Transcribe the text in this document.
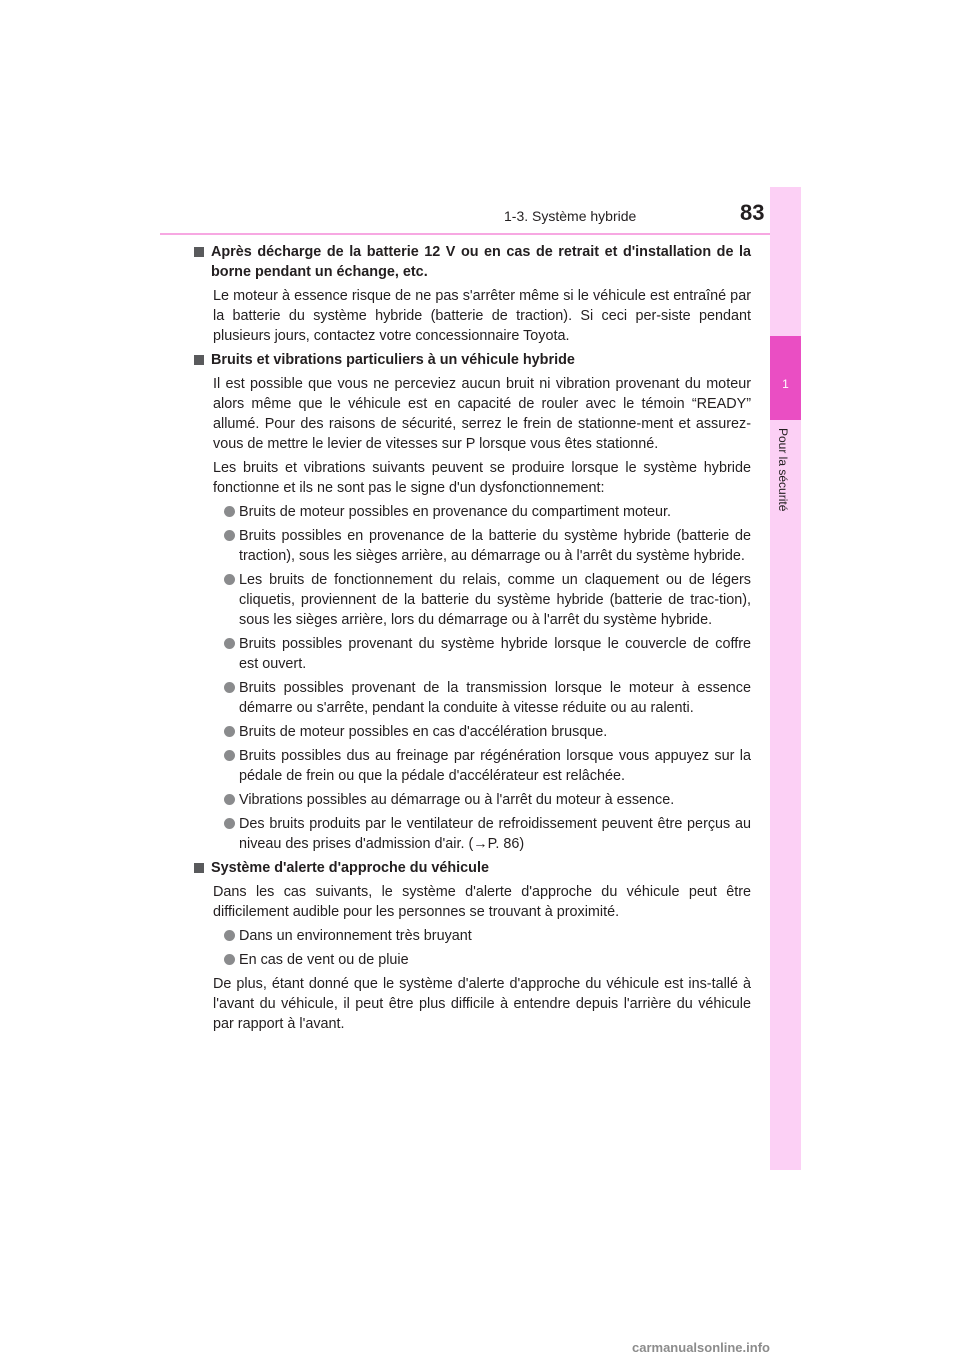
1-3. Système hybride	83
1
Pour la sécurité
Après décharge de la batterie 12 V ou en cas de retrait et d'installation de la borne pendant un échange, etc.

Le moteur à essence risque de ne pas s'arrêter même si le véhicule est entraîné par la batterie du système hybride (batterie de traction). Si ceci per-siste pendant plusieurs jours, contactez votre concessionnaire Toyota.

Bruits et vibrations particuliers à un véhicule hybride

Il est possible que vous ne perceviez aucun bruit ni vibration provenant du moteur alors même que le véhicule est en capacité de rouler avec le témoin “READY” allumé. Pour des raisons de sécurité, serrez le frein de stationne-ment et assurez-vous de mettre le levier de vitesses sur P lorsque vous êtes stationné.

Les bruits et vibrations suivants peuvent se produire lorsque le système hybride fonctionne et ils ne sont pas le signe d'un dysfonctionnement:

Bruits de moteur possibles en provenance du compartiment moteur.
Bruits possibles en provenance de la batterie du système hybride (batterie de traction), sous les sièges arrière, au démarrage ou à l'arrêt du système hybride.
Les bruits de fonctionnement du relais, comme un claquement ou de légers cliquetis, proviennent de la batterie du système hybride (batterie de trac-tion), sous les sièges arrière, lors du démarrage ou à l'arrêt du système hybride.
Bruits possibles provenant du système hybride lorsque le couvercle de coffre est ouvert.
Bruits possibles provenant de la transmission lorsque le moteur à essence démarre ou s'arrête, pendant la conduite à vitesse réduite ou au ralenti.
Bruits de moteur possibles en cas d'accélération brusque.
Bruits possibles dus au freinage par régénération lorsque vous appuyez sur la pédale de frein ou que la pédale d'accélérateur est relâchée.
Vibrations possibles au démarrage ou à l'arrêt du moteur à essence.
Des bruits produits par le ventilateur de refroidissement peuvent être perçus au niveau des prises d'admission d'air. (→P. 86)
Système d'alerte d'approche du véhicule

Dans les cas suivants, le système d'alerte d'approche du véhicule peut être difficilement audible pour les personnes se trouvant à proximité.

Dans un environnement très bruyant
En cas de vent ou de pluie

De plus, étant donné que le système d'alerte d'approche du véhicule est ins-tallé à l'avant du véhicule, il peut être plus difficile à entendre depuis l'arrière du véhicule par rapport à l'avant.

carmanualsonline.info
